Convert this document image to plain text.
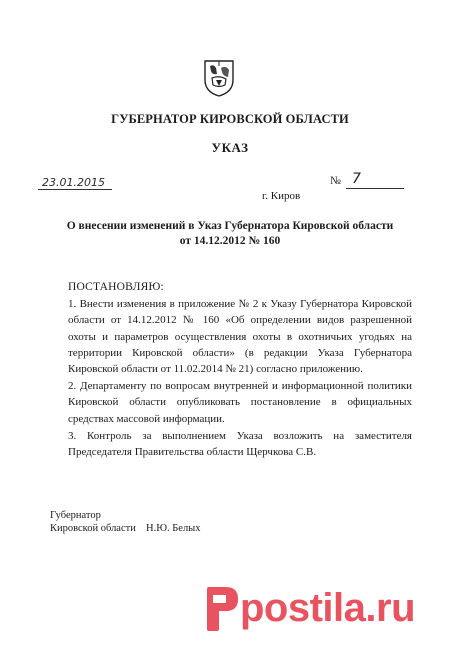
ГУБЕРНАТОР КИРОВСКОЙ ОБЛАСТИ
УКАЗ
23.01.2015	№ 7
г. Киров
О внесении изменений в Указ Губернатора Кировской области
от 14.12.2012 № 160
ПОСТАНОВЛЯЮ:

1. Внести изменения в приложение № 2 к Указу Губернатора Кировской области от 14.12.2012 № 160 «Об определении видов разрешенной охоты и параметров осуществления охоты в охотничьих угодьях на территории Кировской области» (в редакции Указа Губернатора Кировской области от 11.02.2014 № 21) согласно приложению.

2. Департаменту по вопросам внутренней и информационной политики Кировской области опубликовать постановление в официальных средствах массовой информации.

3. Контроль за выполнением Указа возложить на заместителя Председателя Правительства области Щерчкова С.В.

Губернатор
Кировской области Н.Ю. Белых
postila.ru
